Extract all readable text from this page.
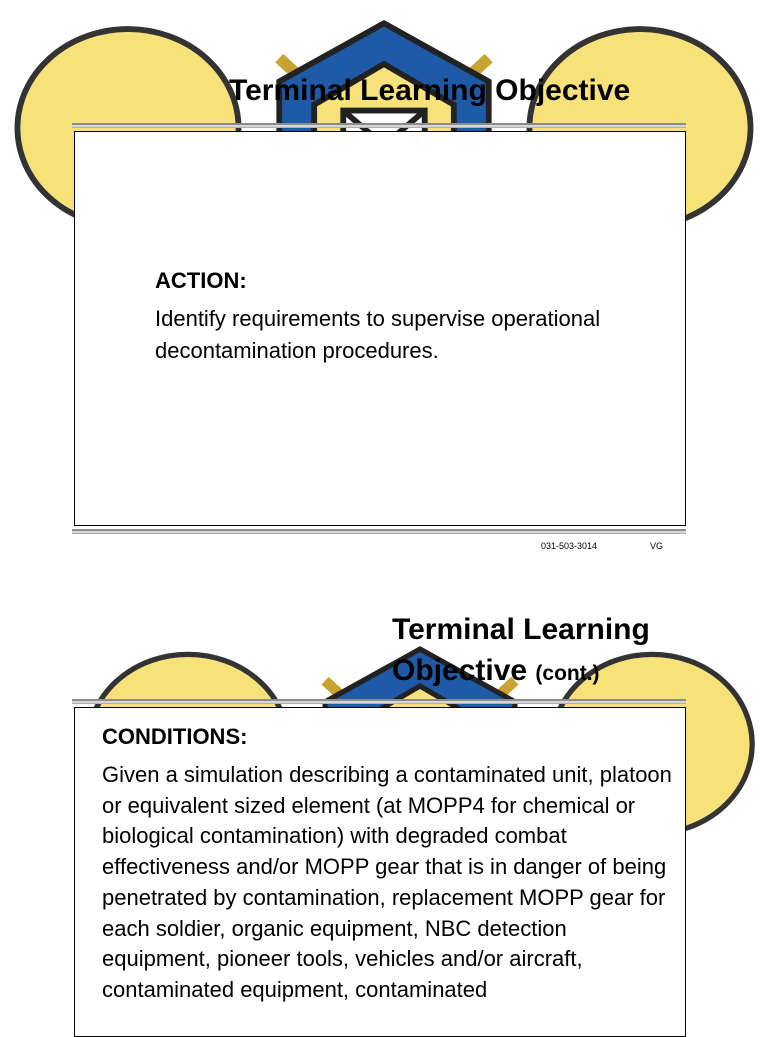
Terminal Learning Objective
ACTION:
Identify requirements to supervise operational decontamination procedures.
031-503-3014	VG
Terminal Learning
Objective (cont.)
CONDITIONS:
Given a simulation describing a contaminated unit, platoon or equivalent sized element (at MOPP4 for chemical or biological contamination) with degraded combat effectiveness and/or MOPP gear that is in danger of being penetrated by contamination, replacement MOPP gear for each soldier, organic equipment, NBC detection equipment, pioneer tools, vehicles and/or aircraft, contaminated equipment, contaminated
